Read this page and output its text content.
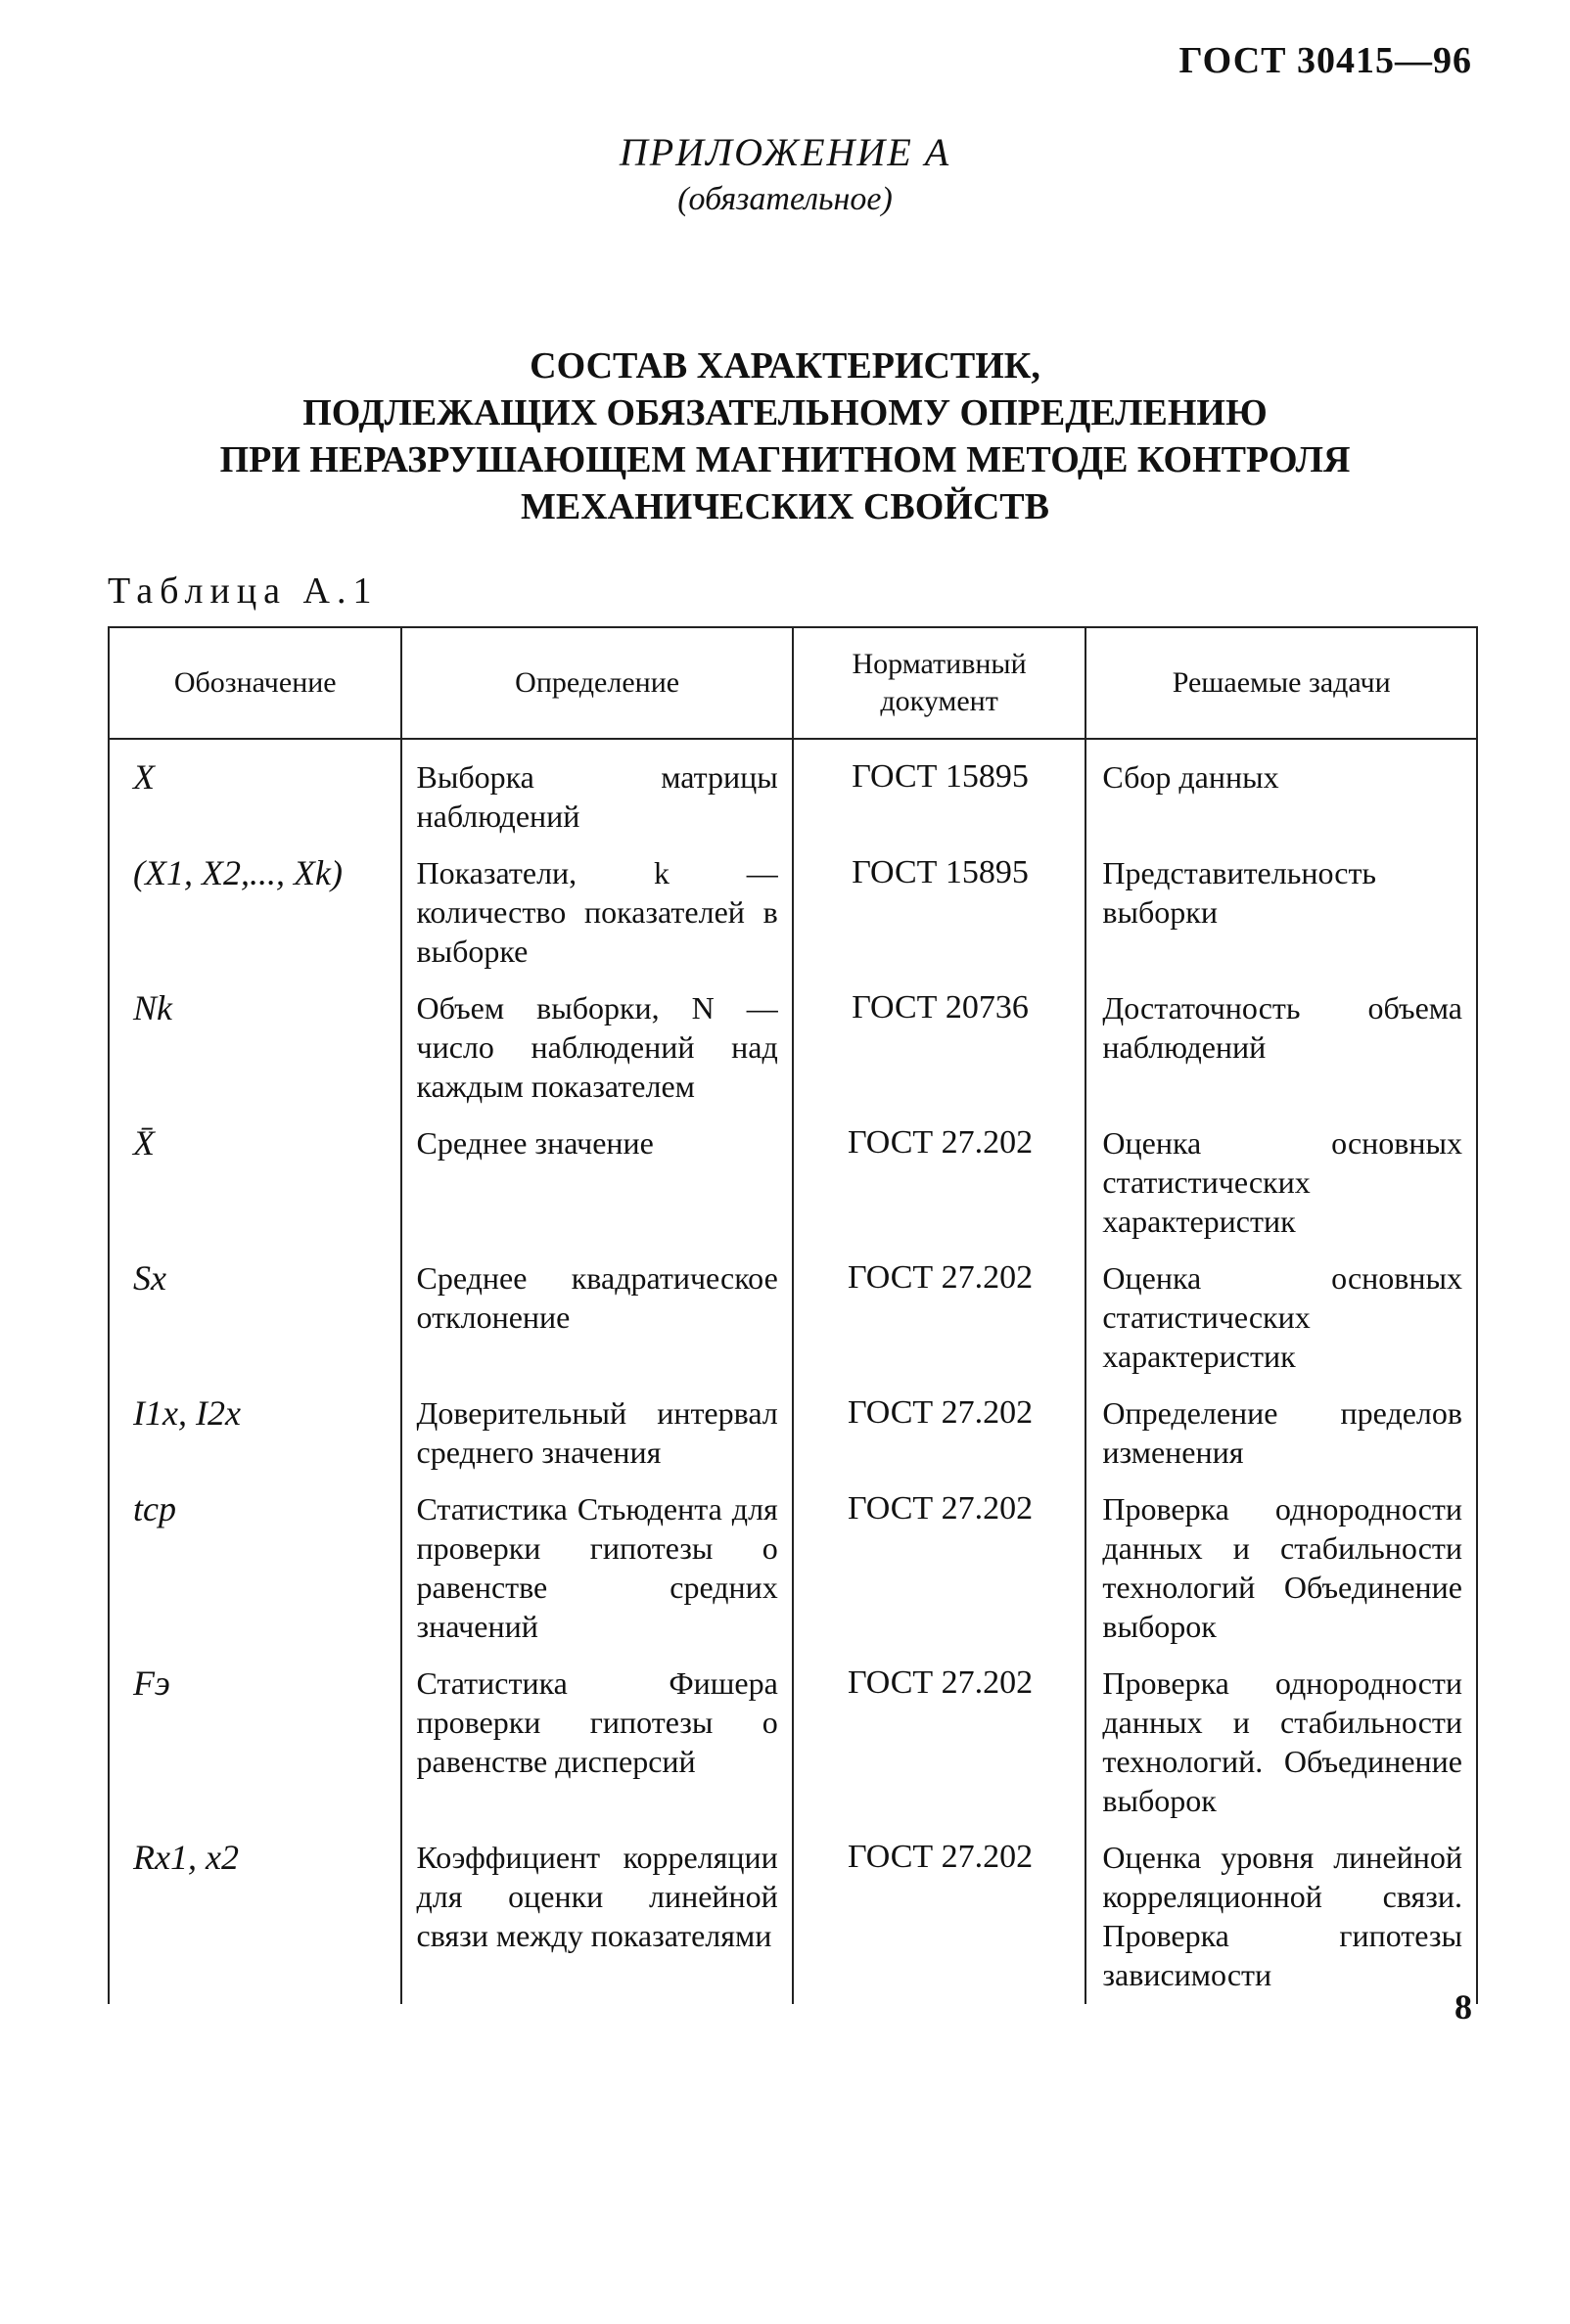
ГОСТ 30415—96
ПРИЛОЖЕНИЕ А
(обязательное)
СОСТАВ ХАРАКТЕРИСТИК,
ПОДЛЕЖАЩИХ ОБЯЗАТЕЛЬНОМУ ОПРЕДЕЛЕНИЮ
ПРИ НЕРАЗРУШАЮЩЕМ МАГНИТНОМ МЕТОДЕ КОНТРОЛЯ
МЕХАНИЧЕСКИХ СВОЙСТВ
Таблица А.1
Обозначение	Определение	Нормативный документ	Решаемые задачи
X	Выборка матрицы наблюдений	ГОСТ 15895	Сбор данных
(X1, X2,..., Xk)	Показатели, k — количество показателей в выборке	ГОСТ 15895	Представительность выборки
Nk	Объем выборки, N — число наблюдений над каждым показателем	ГОСТ 20736	Достаточность объема наблюдений
X̄	Среднее значение	ГОСТ 27.202	Оценка основных статистических характеристик
Sx	Среднее квадратическое отклонение	ГОСТ 27.202	Оценка основных статистических характеристик
I1x, I2x	Доверительный интервал среднего значения	ГОСТ 27.202	Определение пределов изменения
tср	Статистика Стьюдента для проверки гипотезы о равенстве средних значений	ГОСТ 27.202	Проверка однородности данных и стабильности технологий Объединение выборок
Fэ	Статистика Фишера проверки гипотезы о равенстве дисперсий	ГОСТ 27.202	Проверка однородности данных и стабильности технологий. Объединение выборок
Rx1, x2	Коэффициент корреляции для оценки линейной связи между показателями	ГОСТ 27.202	Оценка уровня линейной корреляционной связи. Проверка гипотезы зависимости
8
